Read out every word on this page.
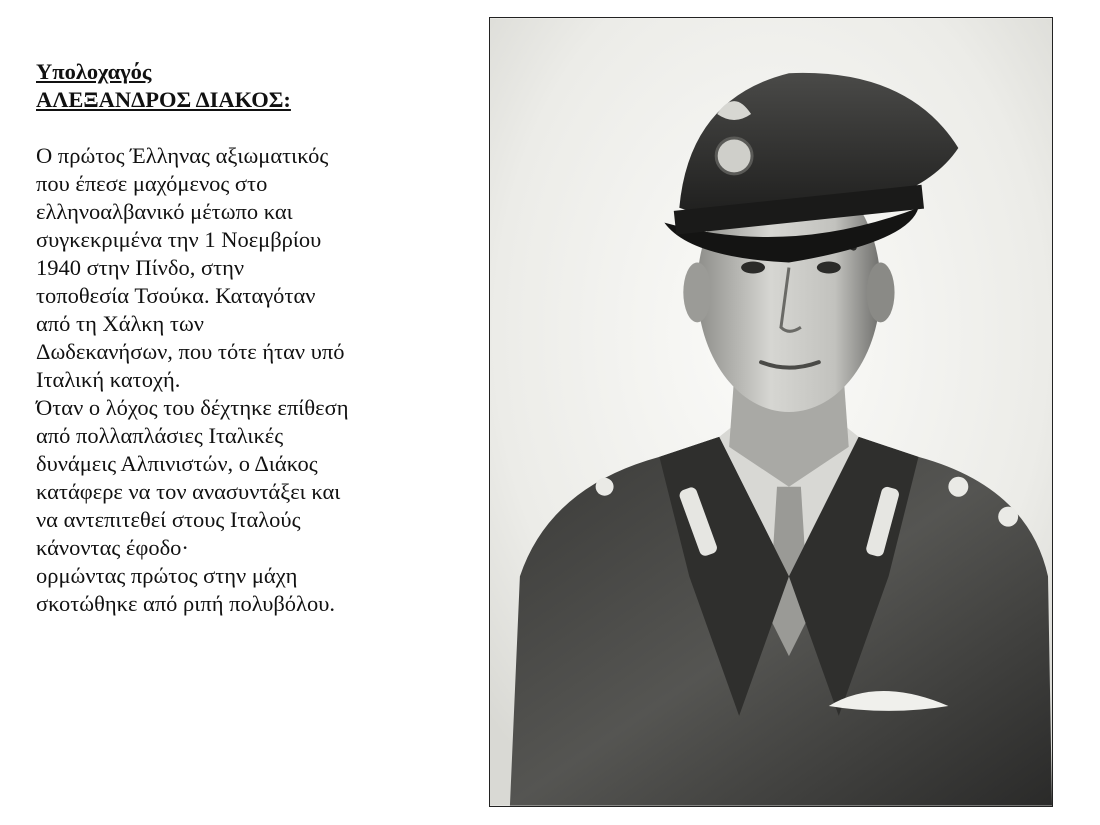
Υπολοχαγός
ΑΛΕΞΑΝΔΡΟΣ ΔΙΑΚΟΣ:
Ο πρώτος Έλληνας αξιωματικός
που έπεσε μαχόμενος στο
ελληνοαλβανικό μέτωπο και
συγκεκριμένα την 1 Νοεμβρίου
1940 στην Πίνδο, στην
τοποθεσία Τσούκα. Καταγόταν
από τη Χάλκη των
Δωδεκανήσων, που τότε ήταν υπό
Ιταλική κατοχή.
Όταν ο λόχος του δέχτηκε επίθεση
από πολλαπλάσιες Ιταλικές
δυνάμεις Αλπινιστών, ο Διάκος
κατάφερε να τον ανασυντάξει και
να αντεπιτεθεί στους Ιταλούς
κάνοντας έφοδο·
ορμώντας πρώτος στην μάχη
σκοτώθηκε από ριπή πολυβόλου.
